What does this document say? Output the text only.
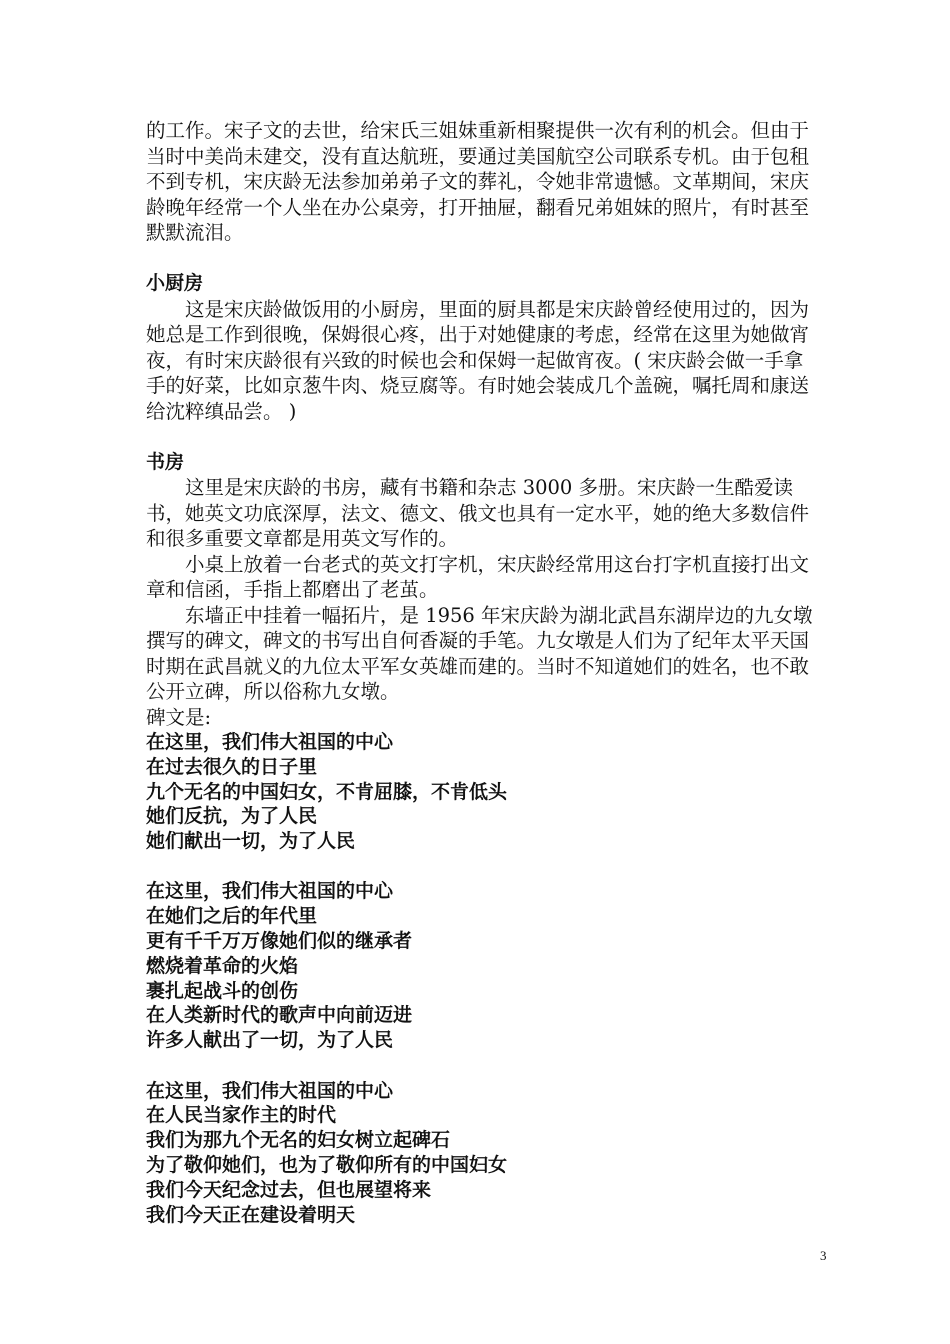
的工作。宋子文的去世，给宋氏三姐妹重新相聚提供一次有利的机会。但由于当时中美尚未建交，没有直达航班，要通过美国航空公司联系专机。由于包租不到专机，宋庆龄无法参加弟弟子文的葬礼，令她非常遗憾。文革期间，宋庆龄晚年经常一个人坐在办公桌旁，打开抽屉，翻看兄弟姐妹的照片，有时甚至默默流泪。

小厨房

这是宋庆龄做饭用的小厨房，里面的厨具都是宋庆龄曾经使用过的，因为她总是工作到很晚，保姆很心疼，出于对她健康的考虑，经常在这里为她做宵夜，有时宋庆龄很有兴致的时候也会和保姆一起做宵夜。( 宋庆龄会做一手拿手的好菜，比如京葱牛肉、烧豆腐等。有时她会装成几个盖碗，嘱托周和康送给沈粹缜品尝。 )

书房

这里是宋庆龄的书房，藏有书籍和杂志 3000 多册。宋庆龄一生酷爱读书，她英文功底深厚，法文、德文、俄文也具有一定水平，她的绝大多数信件和很多重要文章都是用英文写作的。

小桌上放着一台老式的英文打字机，宋庆龄经常用这台打字机直接打出文章和信函，手指上都磨出了老茧。

东墙正中挂着一幅拓片，是 1956 年宋庆龄为湖北武昌东湖岸边的九女墩撰写的碑文，碑文的书写出自何香凝的手笔。九女墩是人们为了纪年太平天国时期在武昌就义的九位太平军女英雄而建的。当时不知道她们的姓名，也不敢公开立碑，所以俗称九女墩。

碑文是:

在这里，我们伟大祖国的中心

在过去很久的日子里

九个无名的中国妇女，不肯屈膝，不肯低头

她们反抗，为了人民

她们献出一切，为了人民

在这里，我们伟大祖国的中心

在她们之后的年代里

更有千千万万像她们似的继承者

燃烧着革命的火焰

裹扎起战斗的创伤

在人类新时代的歌声中向前迈进

许多人献出了一切，为了人民

在这里，我们伟大祖国的中心

在人民当家作主的时代

我们为那九个无名的妇女树立起碑石

为了敬仰她们，也为了敬仰所有的中国妇女

我们今天纪念过去，但也展望将来

我们今天正在建设着明天

3
